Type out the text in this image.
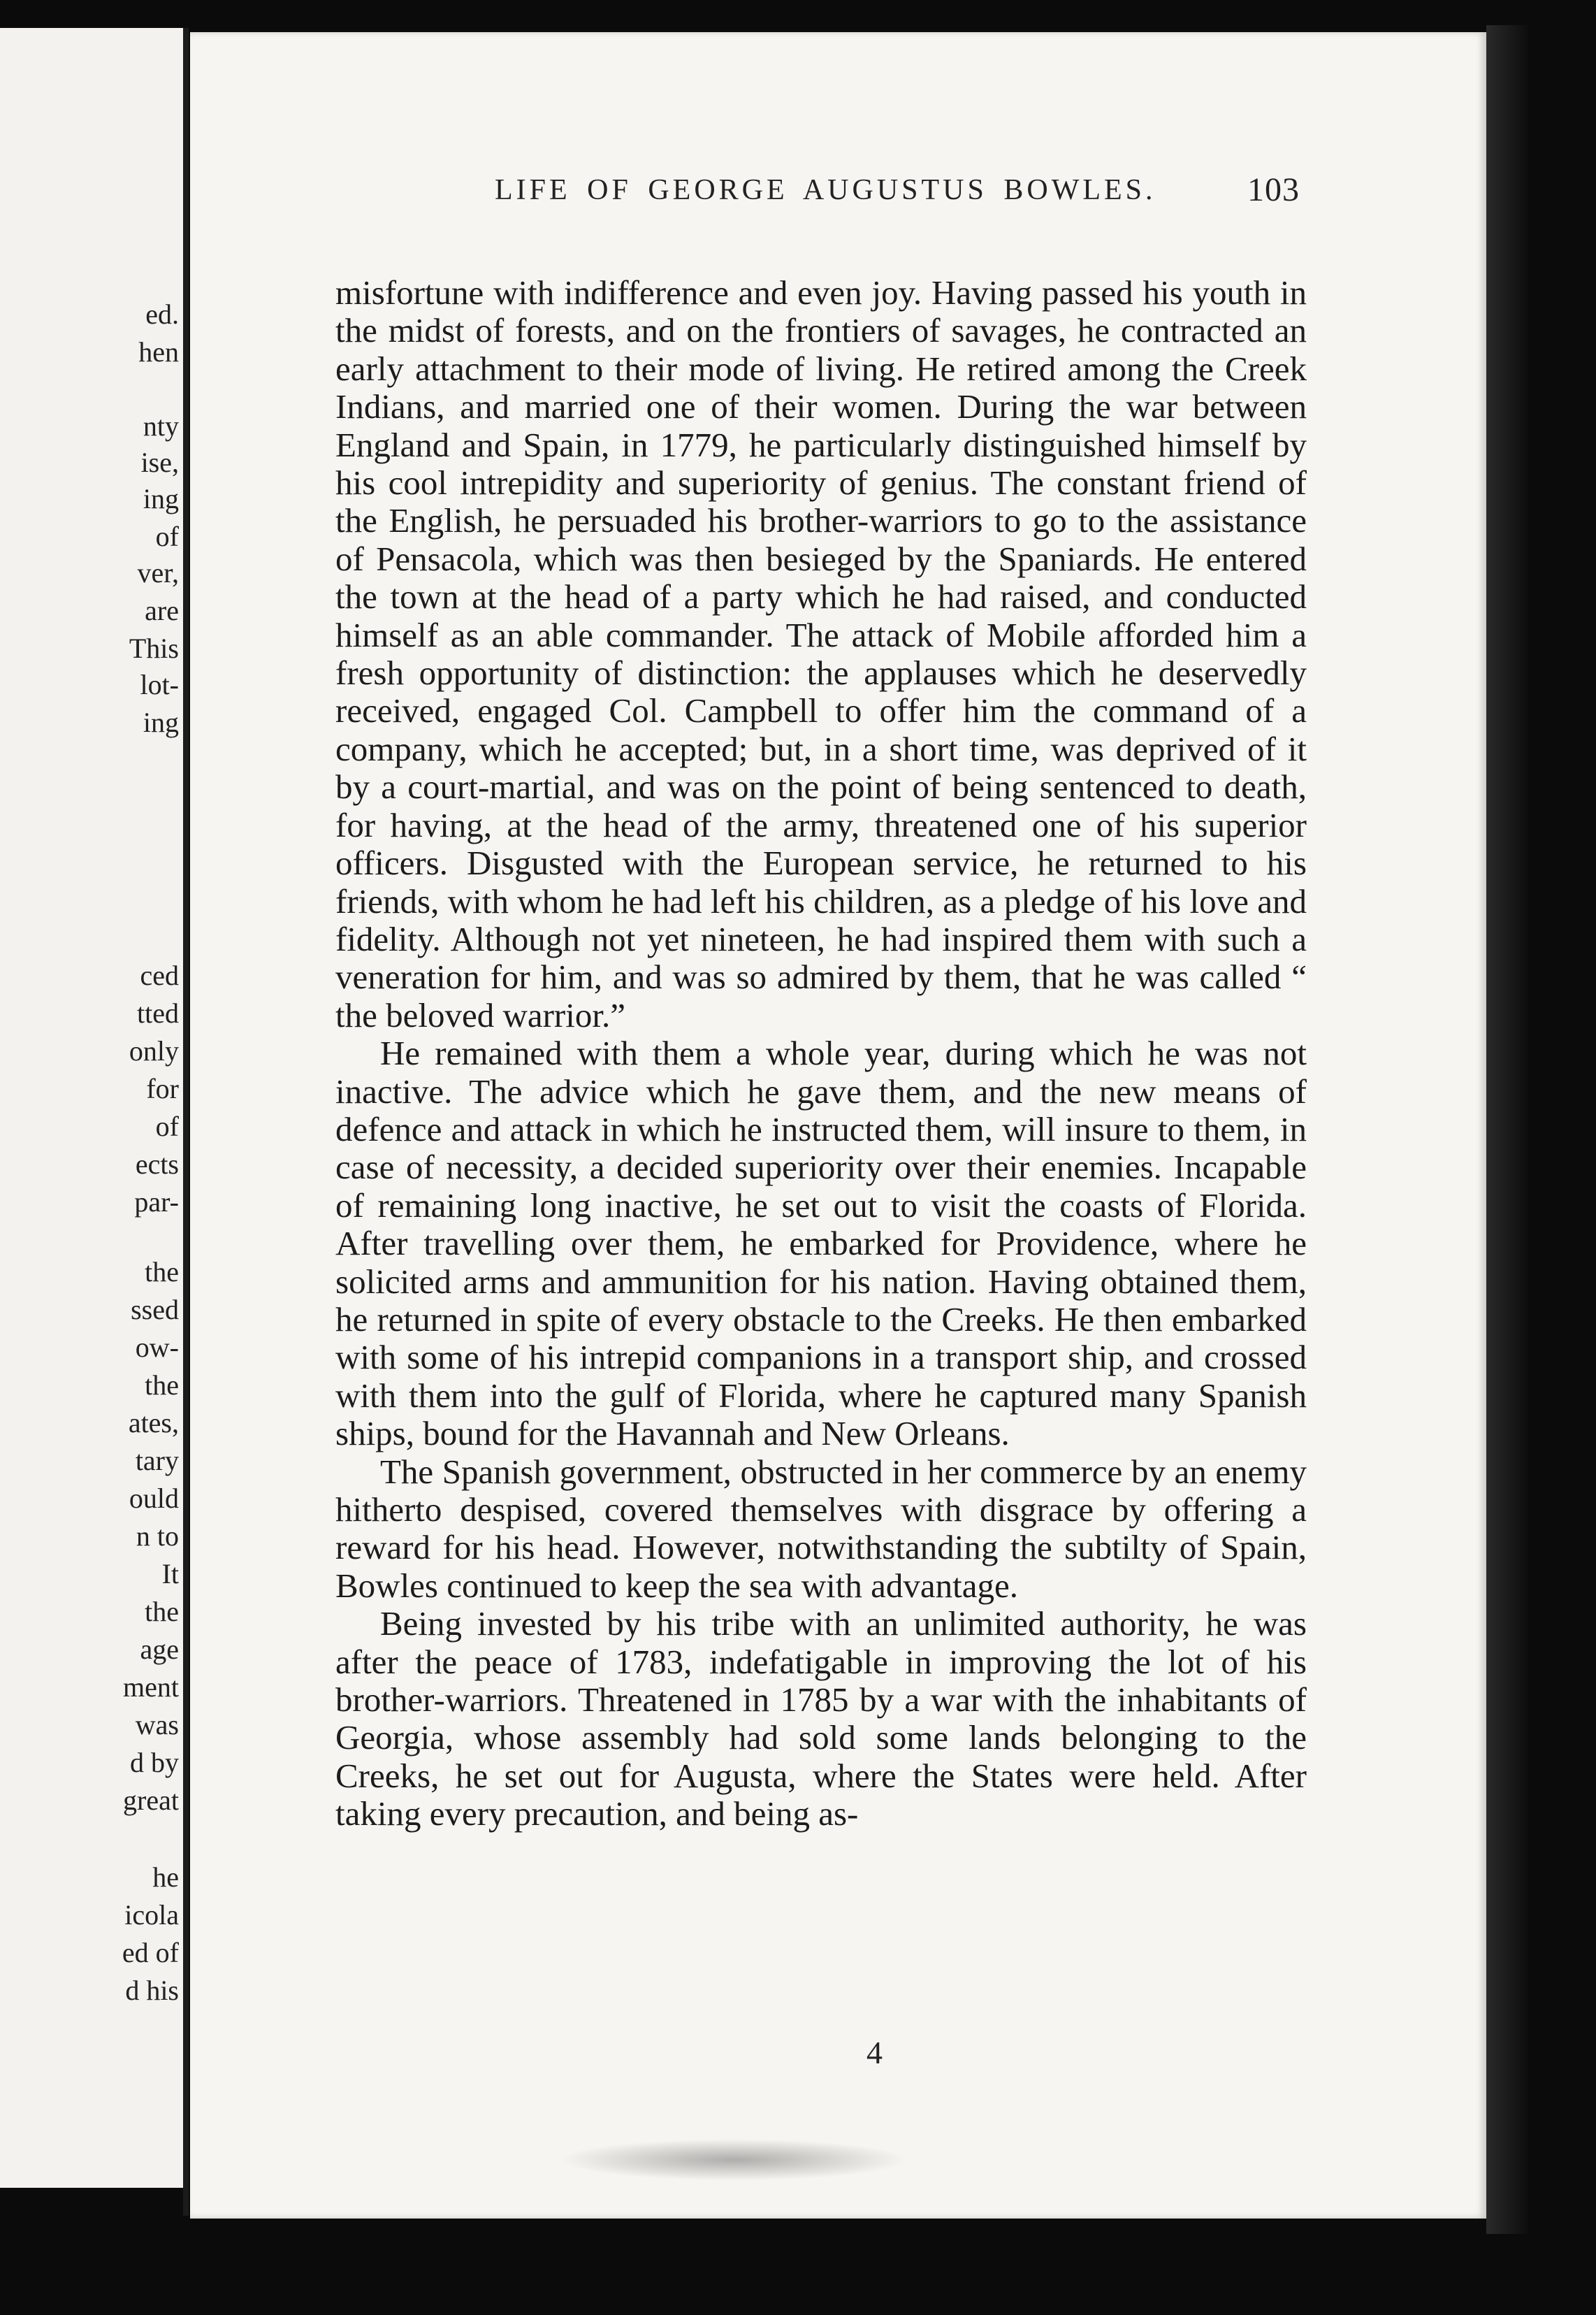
ed.
hen
nty
ise,
ing
of
ver,
are
This
lot-
ing
ced
tted
only
for
of
ects
par-
the
ssed
ow-
the
ates,
tary
ould
n to
It
the
age
ment
was
d by
great
he
icola
ed of
d his
LIFE OF GEORGE AUGUSTUS BOWLES.	103

misfortune with indifference and even joy. Having passed his youth in the midst of forests, and on the frontiers of savages, he contracted an early attachment to their mode of living. He retired among the Creek Indians, and married one of their women. During the war between England and Spain, in 1779, he particularly distinguished himself by his cool intrepidity and superiority of genius. The constant friend of the English, he persuaded his brother-warriors to go to the assistance of Pensacola, which was then besieged by the Spaniards. He entered the town at the head of a party which he had raised, and conducted himself as an able commander. The attack of Mobile afforded him a fresh opportunity of distinction: the applauses which he deservedly received, engaged Col. Campbell to offer him the command of a company, which he accepted; but, in a short time, was deprived of it by a court-martial, and was on the point of being sentenced to death, for having, at the head of the army, threatened one of his superior officers. Disgusted with the European service, he returned to his friends, with whom he had left his children, as a pledge of his love and fidelity. Although not yet nineteen, he had inspired them with such a veneration for him, and was so admired by them, that he was called “ the beloved warrior.”

He remained with them a whole year, during which he was not inactive. The advice which he gave them, and the new means of defence and attack in which he instructed them, will insure to them, in case of necessity, a decided superiority over their enemies. Incapable of remaining long inactive, he set out to visit the coasts of Florida. After travelling over them, he embarked for Providence, where he solicited arms and ammunition for his nation. Having obtained them, he returned in spite of every obstacle to the Creeks. He then embarked with some of his intrepid companions in a transport ship, and crossed with them into the gulf of Florida, where he captured many Spanish ships, bound for the Havannah and New Orleans.

The Spanish government, obstructed in her commerce by an enemy hitherto despised, covered themselves with disgrace by offering a reward for his head. However, notwithstanding the subtilty of Spain, Bowles continued to keep the sea with advantage.

Being invested by his tribe with an unlimited authority, he was after the peace of 1783, indefatigable in improving the lot of his brother-warriors. Threatened in 1785 by a war with the inhabitants of Georgia, whose assembly had sold some lands belonging to the Creeks, he set out for Augusta, where the States were held. After taking every precaution, and being as-

4
